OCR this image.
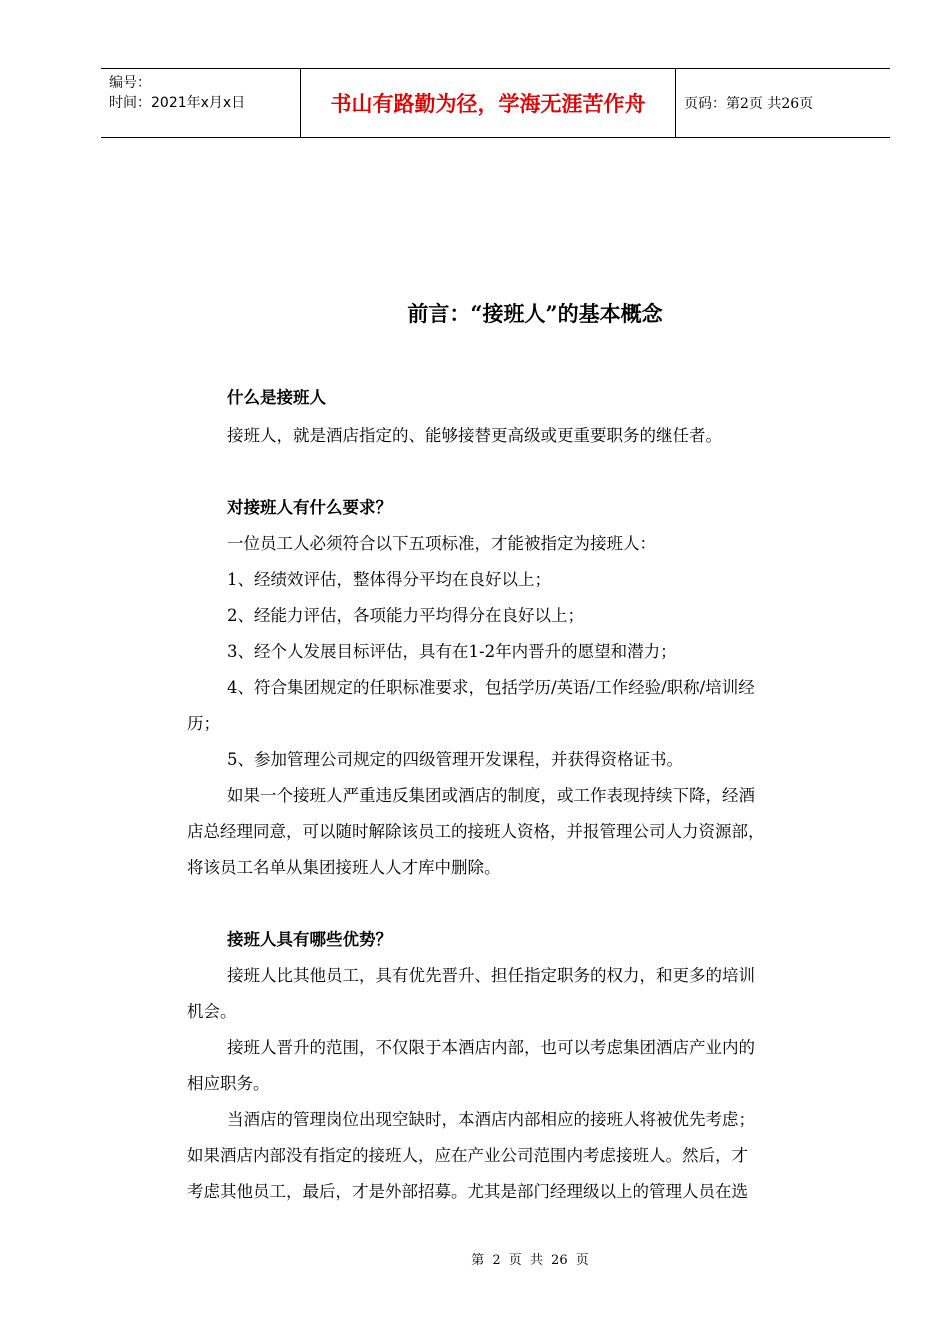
编号：
时间：2021年x月x日	书山有路勤为径，学海无涯苦作舟	页码：第2页 共26页
前言：“接班人”的基本概念
什么是接班人
接班人，就是酒店指定的、能够接替更高级或更重要职务的继任者。
对接班人有什么要求？
一位员工人必须符合以下五项标准，才能被指定为接班人：
1、经绩效评估，整体得分平均在良好以上；
2、经能力评估，各项能力平均得分在良好以上；
3、经个人发展目标评估，具有在1-2年内晋升的愿望和潜力；
4、符合集团规定的任职标准要求，包括学历/英语/工作经验/职称/培训经
历；
5、参加管理公司规定的四级管理开发课程，并获得资格证书。
如果一个接班人严重违反集团或酒店的制度，或工作表现持续下降，经酒
店总经理同意，可以随时解除该员工的接班人资格，并报管理公司人力资源部，
将该员工名单从集团接班人人才库中删除。
接班人具有哪些优势？
接班人比其他员工，具有优先晋升、担任指定职务的权力，和更多的培训
机会。
接班人晋升的范围，不仅限于本酒店内部，也可以考虑集团酒店产业内的
相应职务。
当酒店的管理岗位出现空缺时，本酒店内部相应的接班人将被优先考虑；
如果酒店内部没有指定的接班人，应在产业公司范围内考虑接班人。然后，才
考虑其他员工，最后，才是外部招募。尤其是部门经理级以上的管理人员在选
第 2 页 共 26 页
